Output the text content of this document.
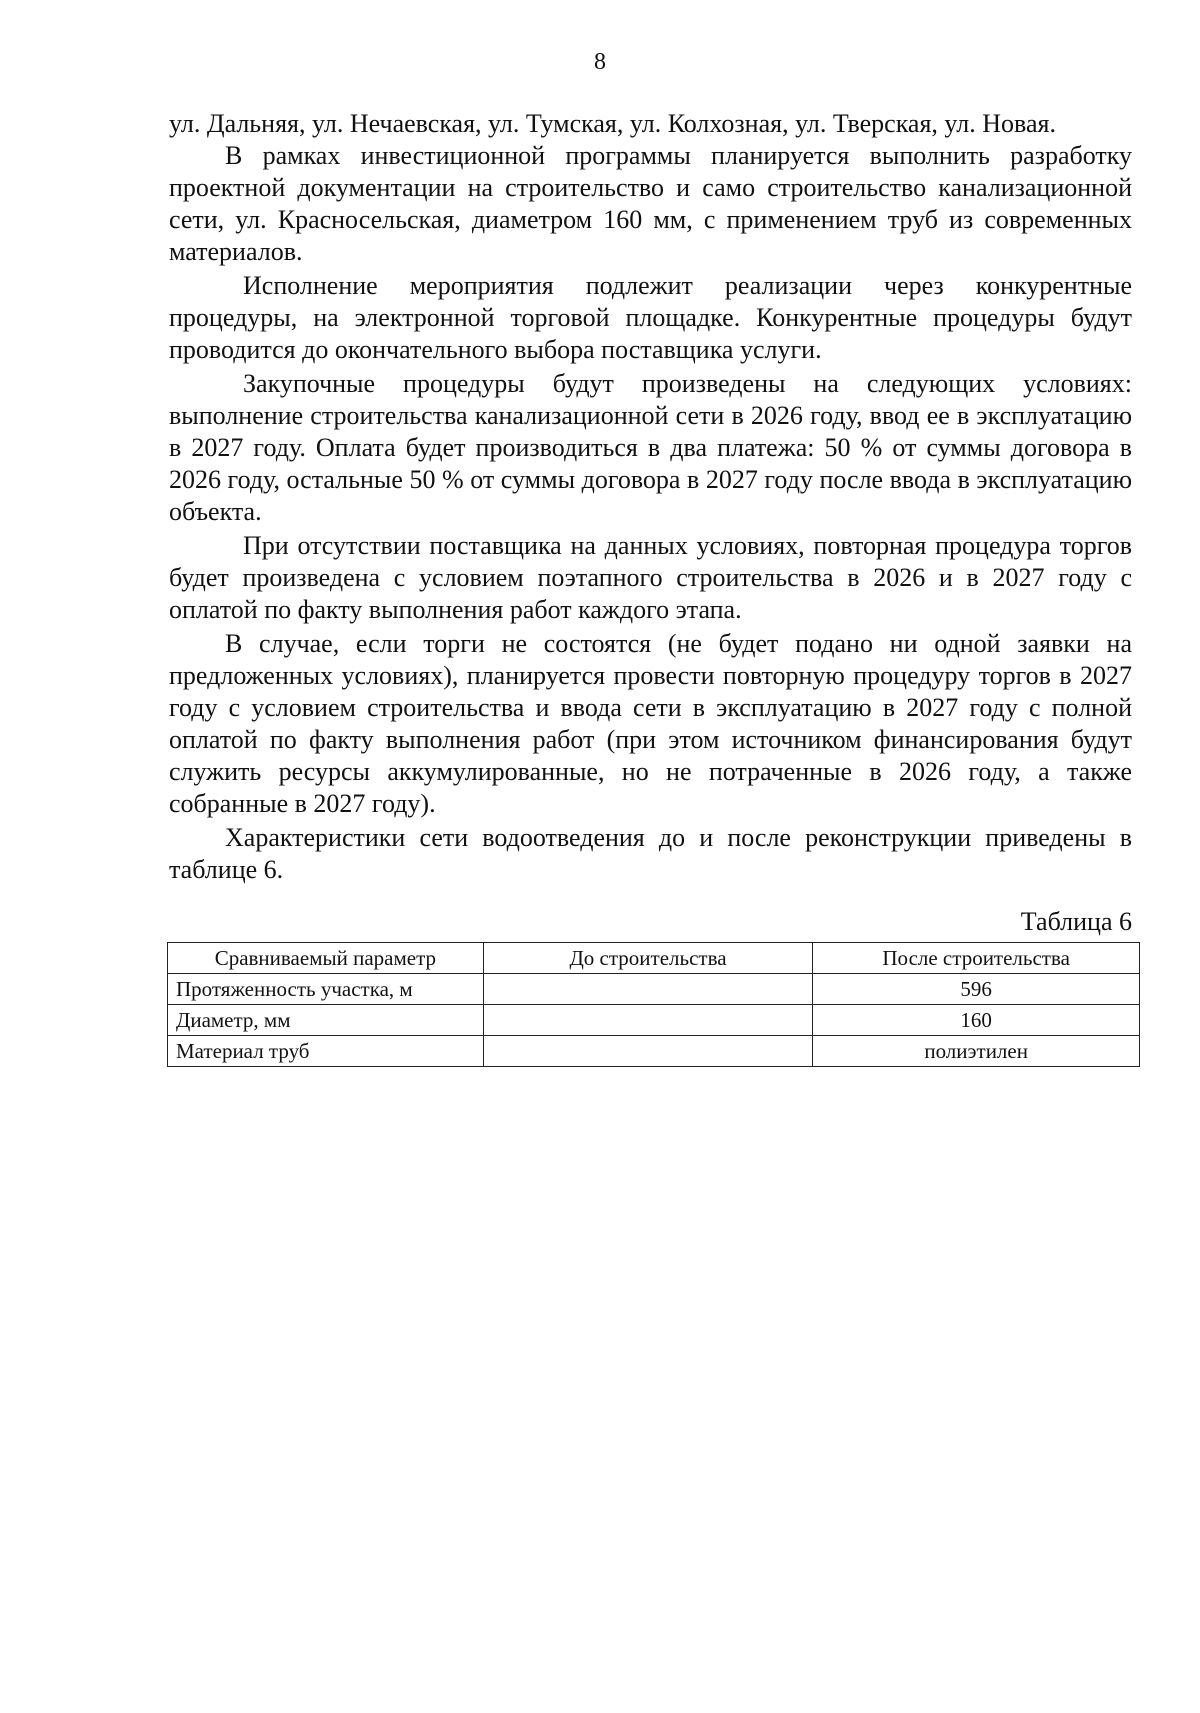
8

ул. Дальняя, ул. Нечаевская, ул. Тумская, ул. Колхозная, ул. Тверская, ул. Новая.

В рамках инвестиционной программы планируется выполнить разработку проектной документации на строительство и само строительство канализационной сети, ул. Красносельская, диаметром 160 мм, с применением труб из современных материалов.

Исполнение мероприятия подлежит реализации через конкурентные процедуры, на электронной торговой площадке. Конкурентные процедуры будут проводится до окончательного выбора поставщика услуги.

Закупочные процедуры будут произведены на следующих условиях: выполнение строительства канализационной сети в 2026 году, ввод ее в эксплуатацию в 2027 году. Оплата будет производиться в два платежа: 50 % от суммы договора в 2026 году, остальные 50 % от суммы договора в 2027 году после ввода в эксплуатацию объекта.

При отсутствии поставщика на данных условиях, повторная процедура торгов будет произведена с условием поэтапного строительства в 2026 и в 2027 году с оплатой по факту выполнения работ каждого этапа.

В случае, если торги не состоятся (не будет подано ни одной заявки на предложенных условиях), планируется провести повторную процедуру торгов в 2027 году с условием строительства и ввода сети в эксплуатацию в 2027 году с полной оплатой по факту выполнения работ (при этом источником финансирования будут служить ресурсы аккумулированные, но не потраченные в 2026 году, а также собранные в 2027 году).

Характеристики сети водоотведения до и после реконструкции приведены в таблице 6.

Таблица 6
Сравниваемый параметр	До строительства	После строительства
Протяженность участка, м		596
Диаметр, мм		160
Материал труб		полиэтилен
